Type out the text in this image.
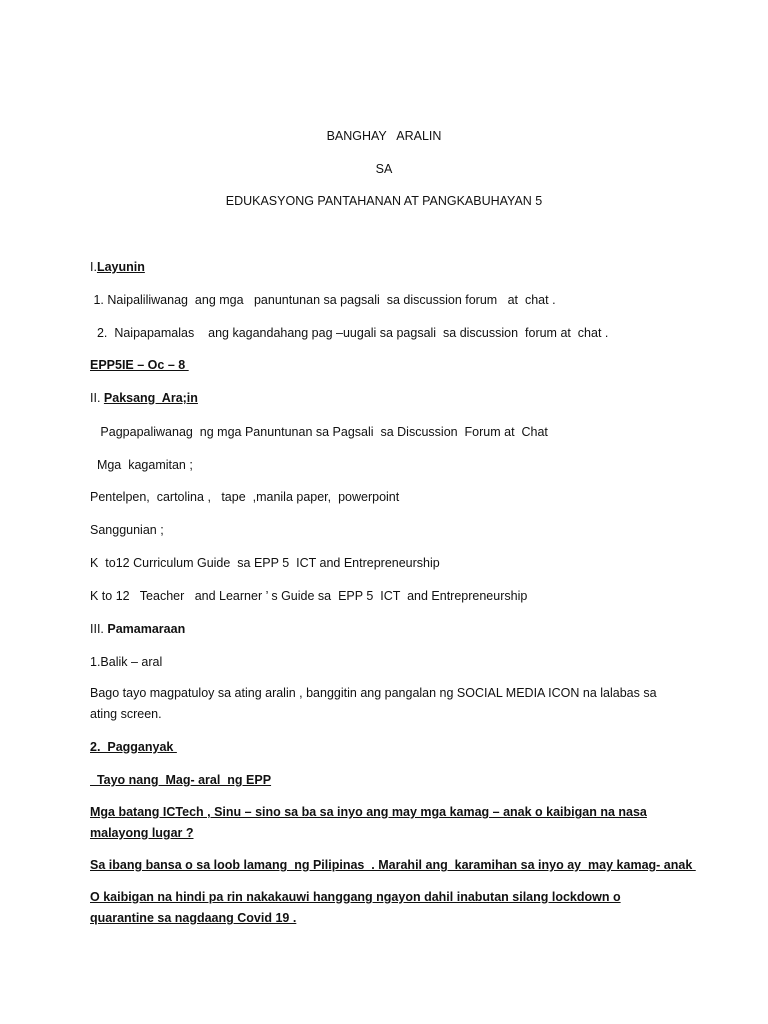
BANGHAY   ARALIN
SA
EDUKASYONG PANTAHANAN AT PANGKABUHAYAN 5
I.Layunin
1. Naipaliliwanag  ang mga   panuntunan sa pagsali  sa discussion forum   at  chat .
2.  Naipapamalas    ang kagandahang pag –uugali sa pagsali  sa discussion  forum at  chat .
EPP5IE – Oc – 8
II. Paksang  Ara;in
Pagpapaliwanag  ng mga Panuntunan sa Pagsali  sa Discussion  Forum at  Chat
Mga  kagamitan ;
Pentelpen,  cartolina ,   tape  ,manila paper,  powerpoint
Sanggunian ;
K  to12 Curriculum Guide  sa EPP 5  ICT and Entrepreneurship
K to 12   Teacher   and Learner ’ s Guide sa  EPP 5  ICT  and Entrepreneurship
III. Pamamaraan
1.Balik – aral
Bago tayo magpatuloy sa ating aralin , banggitin ang pangalan ng SOCIAL MEDIA ICON na lalabas sa ating screen.
2.  Pagganyak
Tayo nang  Mag- aral  ng EPP
Mga batang ICTech , Sinu – sino sa ba sa inyo ang may mga kamag – anak o kaibigan na nasa malayong lugar ?
Sa ibang bansa o sa loob lamang  ng Pilipinas  . Marahil ang  karamihan sa inyo ay  may kamag- anak
O kaibigan na hindi pa rin nakakauwi hanggang ngayon dahil inabutan silang lockdown o quarantine sa nagdaang Covid 19 .
